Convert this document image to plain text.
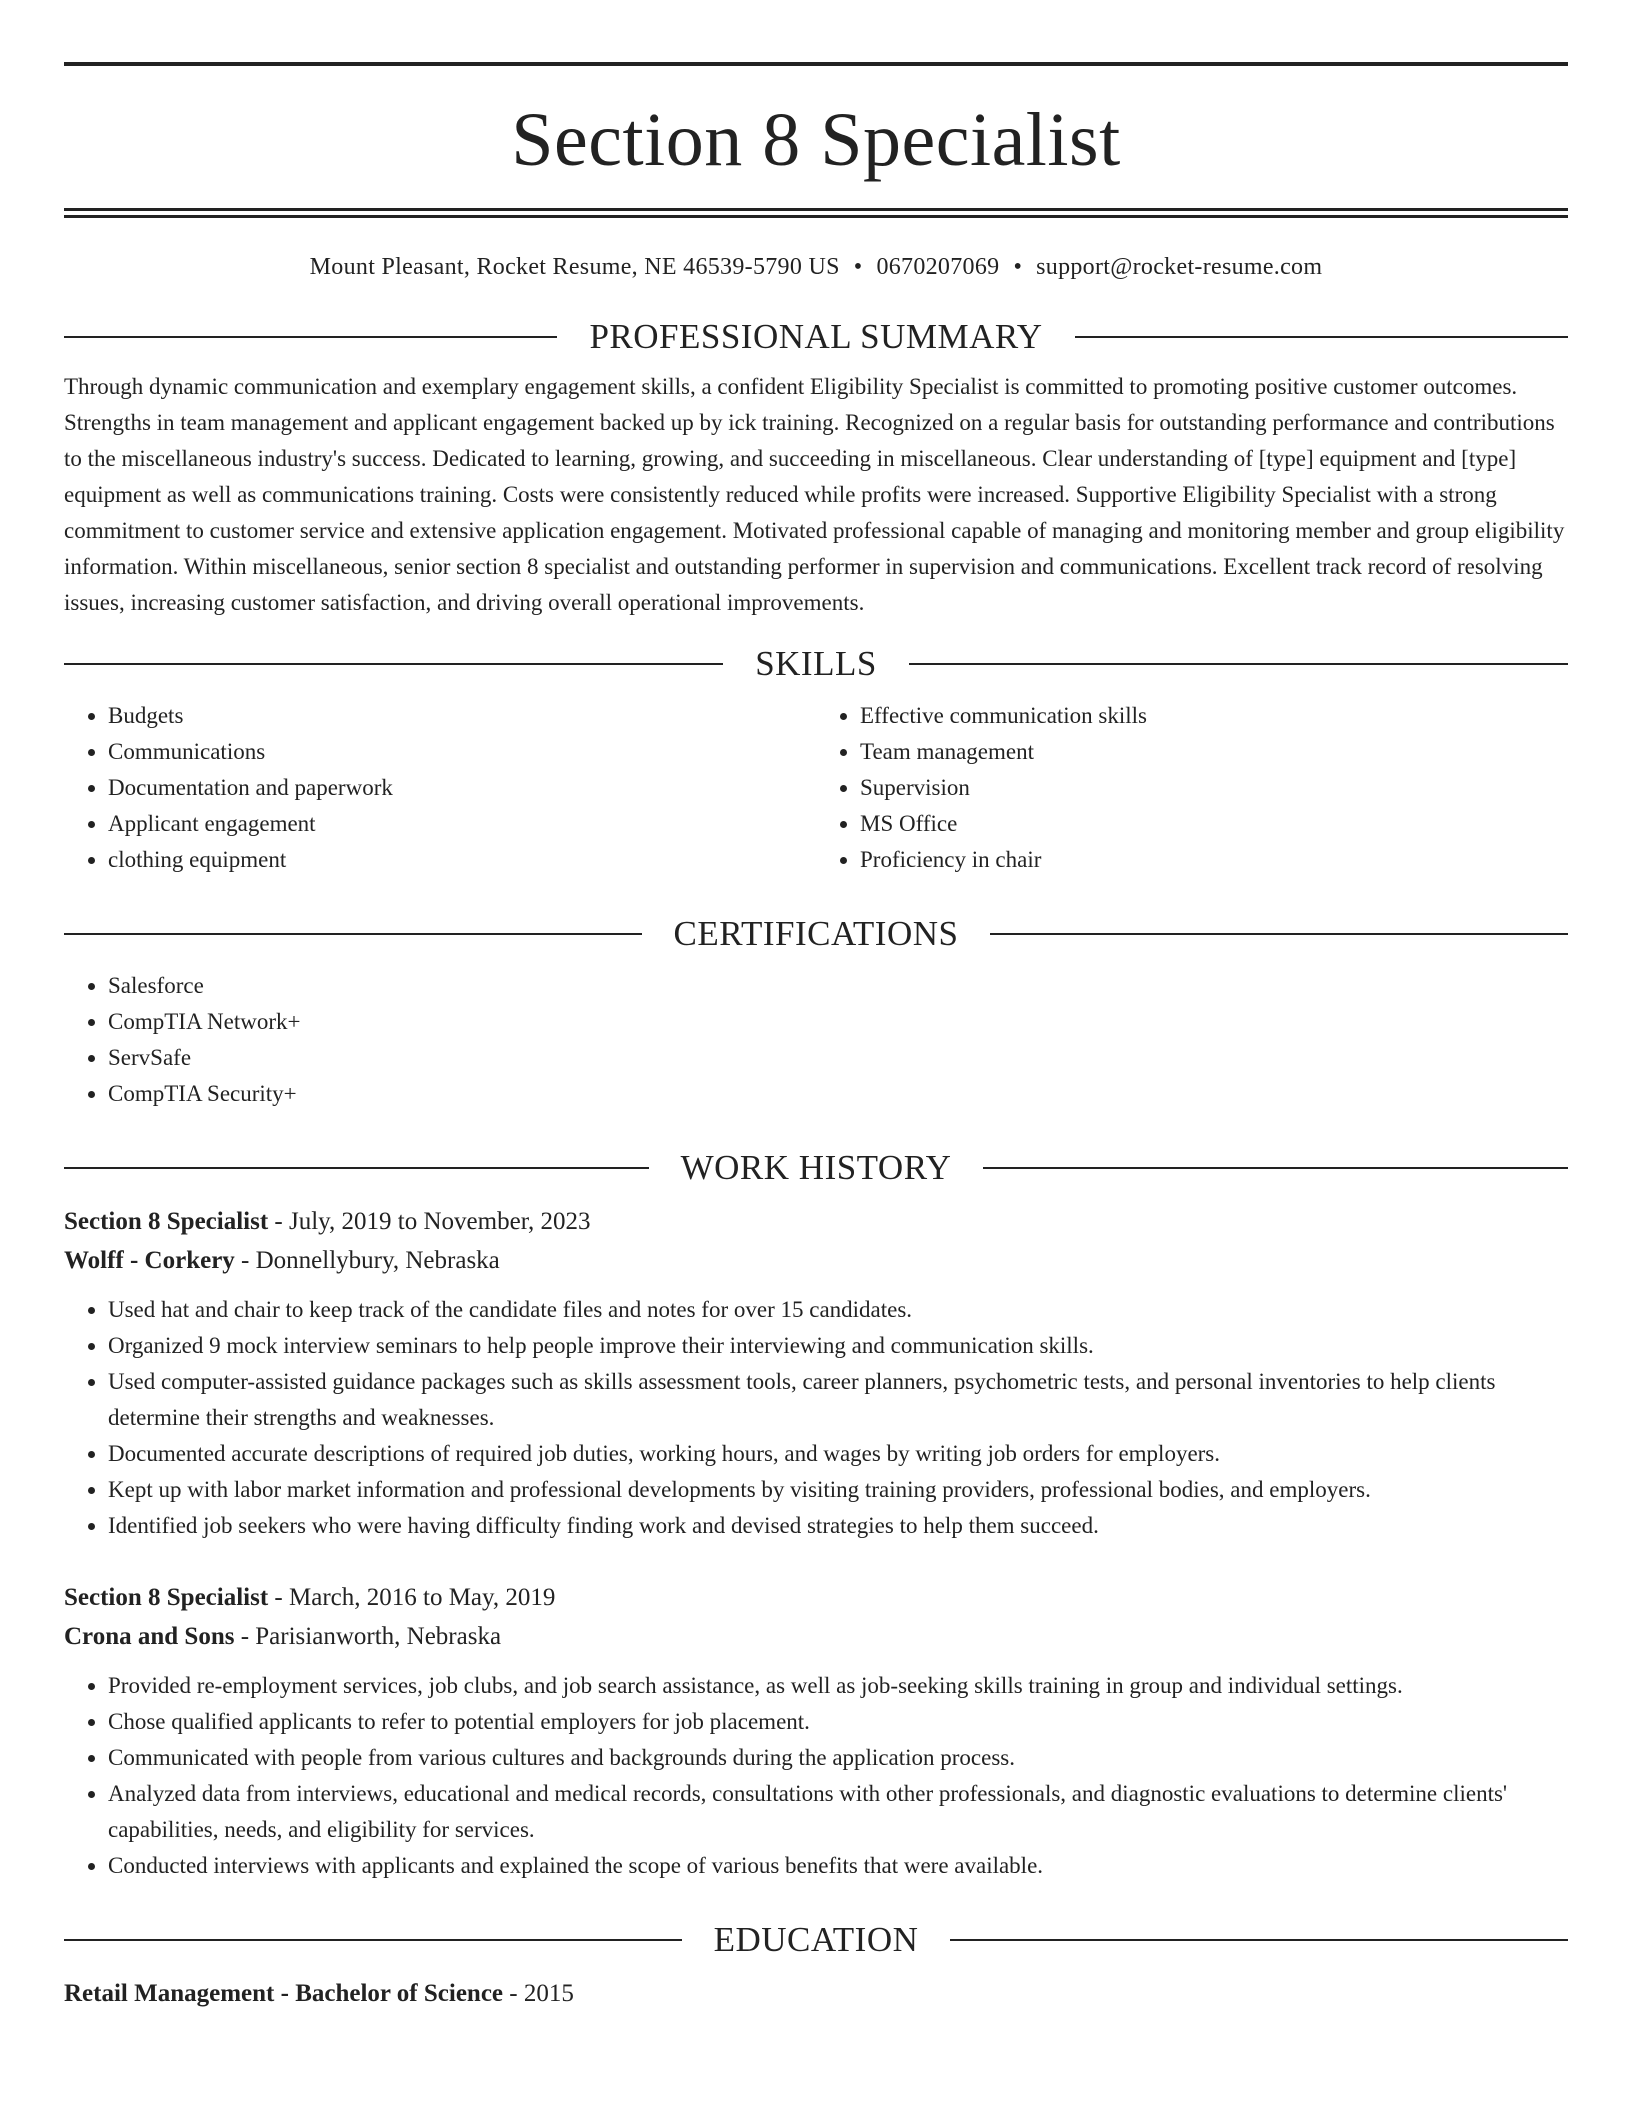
Section 8 Specialist
Mount Pleasant, Rocket Resume, NE 46539-5790 US • 0670207069 • support@rocket-resume.com
PROFESSIONAL SUMMARY

Through dynamic communication and exemplary engagement skills, a confident Eligibility Specialist is committed to promoting positive customer outcomes. Strengths in team management and applicant engagement backed up by ick training. Recognized on a regular basis for outstanding performance and contributions to the miscellaneous industry's success. Dedicated to learning, growing, and succeeding in miscellaneous. Clear understanding of [type] equipment and [type] equipment as well as communications training. Costs were consistently reduced while profits were increased. Supportive Eligibility Specialist with a strong commitment to customer service and extensive application engagement. Motivated professional capable of managing and monitoring member and group eligibility information. Within miscellaneous, senior section 8 specialist and outstanding performer in supervision and communications. Excellent track record of resolving issues, increasing customer satisfaction, and driving overall operational improvements.

SKILLS
• Budgets
• Communications
• Documentation and paperwork
• Applicant engagement
• clothing equipment
• Effective communication skills
• Team management
• Supervision
• MS Office
• Proficiency in chair
CERTIFICATIONS
• Salesforce
• CompTIA Network+
• ServSafe
• CompTIA Security+
WORK HISTORY
Section 8 Specialist - July, 2019 to November, 2023
Wolff - Corkery - Donnellybury, Nebraska
• Used hat and chair to keep track of the candidate files and notes for over 15 candidates.
• Organized 9 mock interview seminars to help people improve their interviewing and communication skills.
• Used computer-assisted guidance packages such as skills assessment tools, career planners, psychometric tests, and personal inventories to help clients determine their strengths and weaknesses.
• Documented accurate descriptions of required job duties, working hours, and wages by writing job orders for employers.
• Kept up with labor market information and professional developments by visiting training providers, professional bodies, and employers.
• Identified job seekers who were having difficulty finding work and devised strategies to help them succeed.
Section 8 Specialist - March, 2016 to May, 2019
Crona and Sons - Parisianworth, Nebraska
• Provided re-employment services, job clubs, and job search assistance, as well as job-seeking skills training in group and individual settings.
• Chose qualified applicants to refer to potential employers for job placement.
• Communicated with people from various cultures and backgrounds during the application process.
• Analyzed data from interviews, educational and medical records, consultations with other professionals, and diagnostic evaluations to determine clients' capabilities, needs, and eligibility for services.
• Conducted interviews with applicants and explained the scope of various benefits that were available.
EDUCATION
Retail Management - Bachelor of Science - 2015
